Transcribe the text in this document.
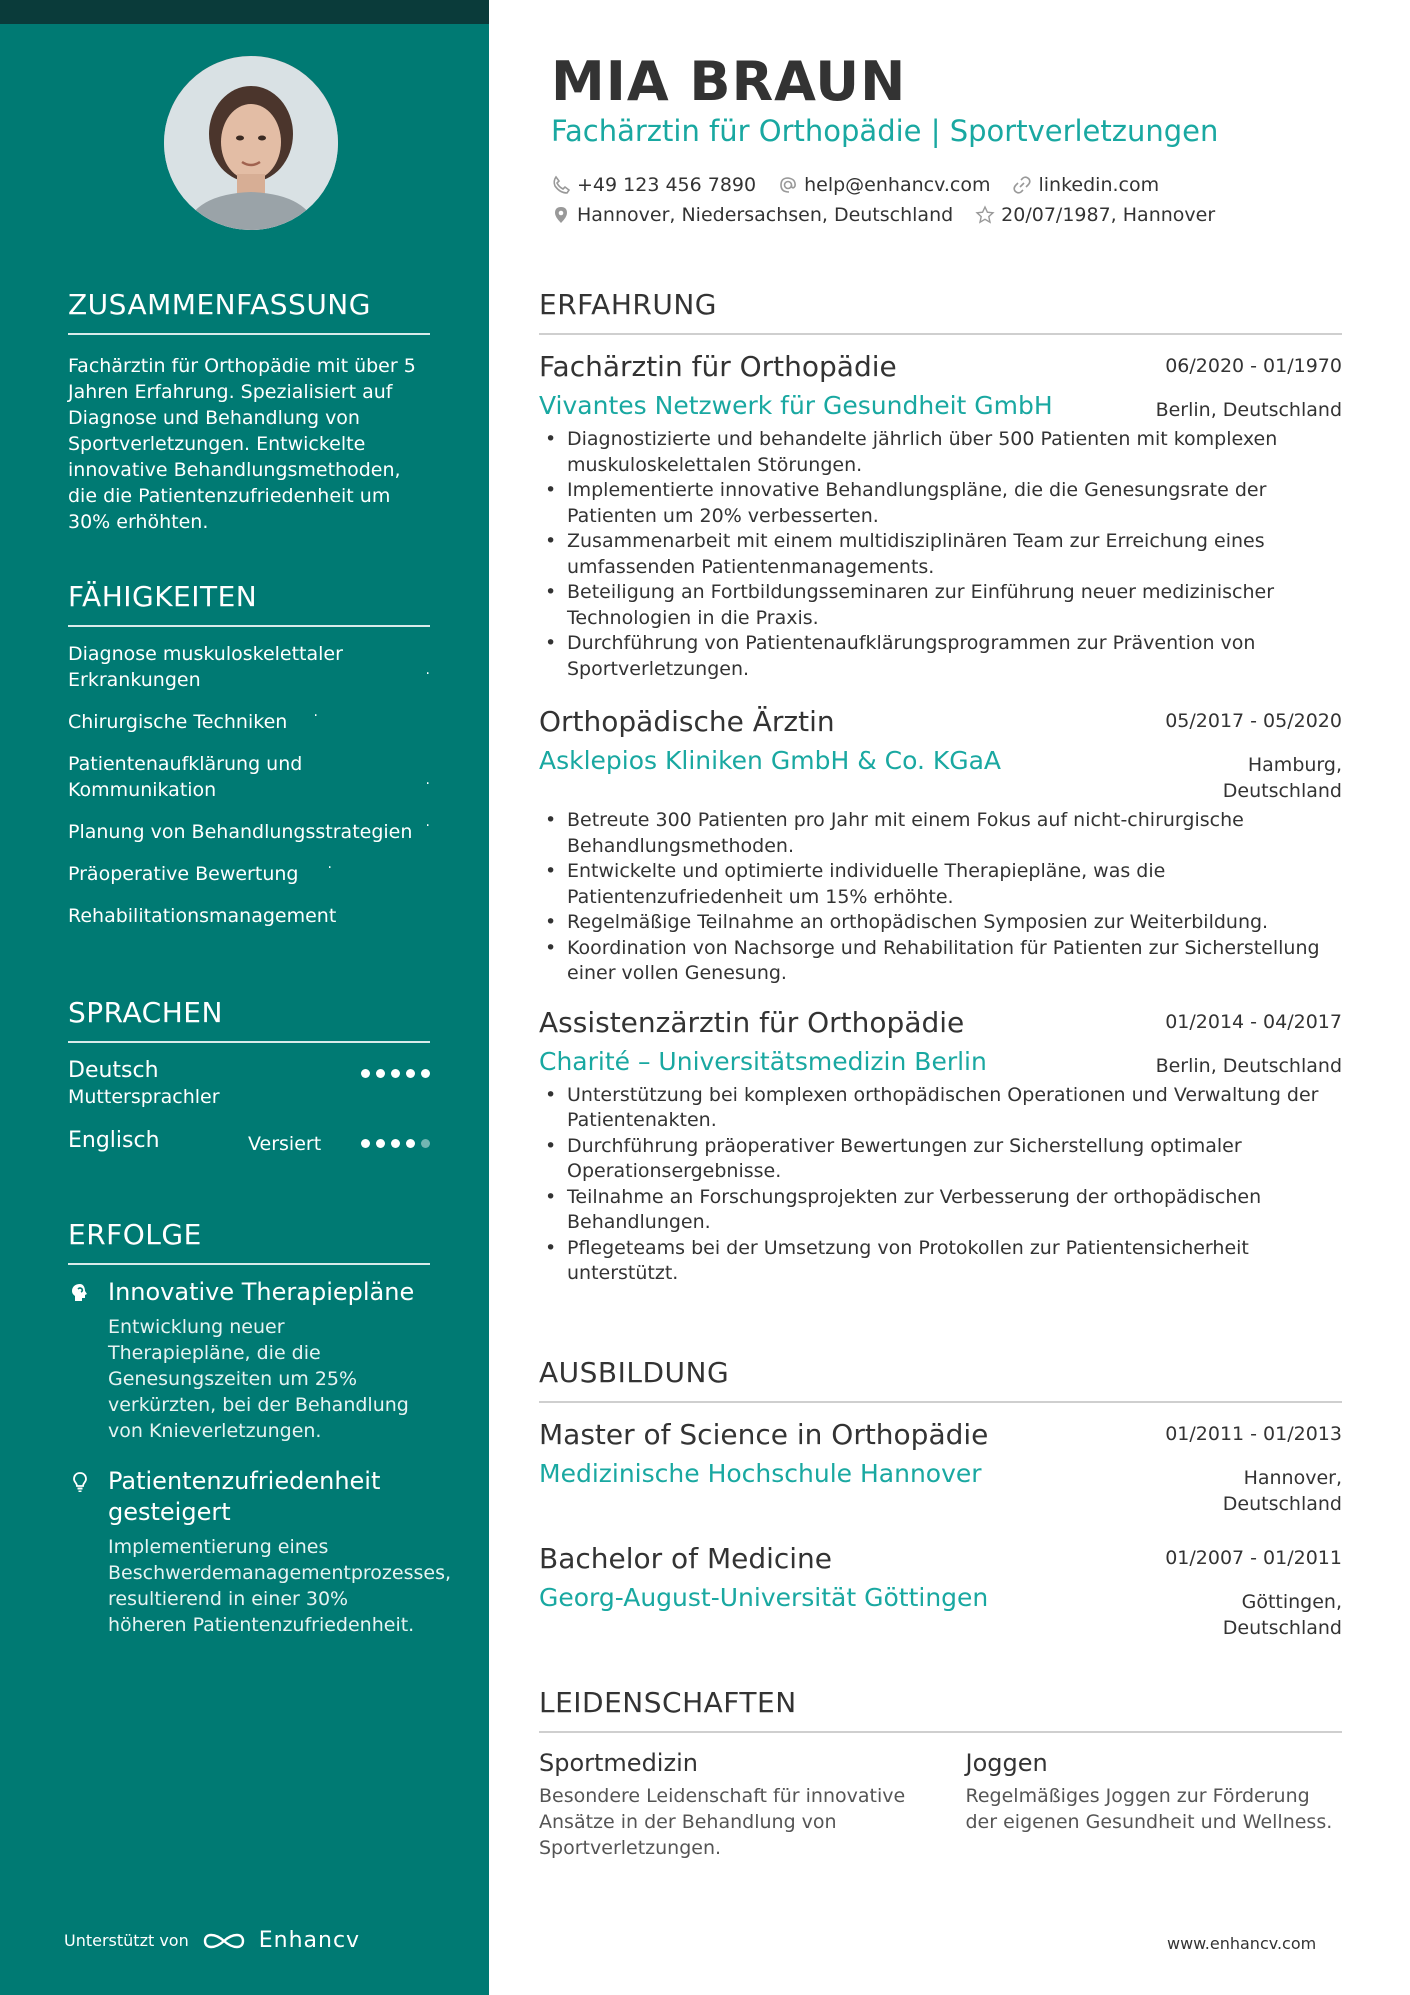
ZUSAMMENFASSUNG
Fachärztin für Orthopädie mit über 5 Jahren Erfahrung. Spezialisiert auf Diagnose und Behandlung von Sportverletzungen. Entwickelte innovative Behandlungsmethoden, die die Patientenzufriedenheit um 30% erhöhten.
FÄHIGKEITEN
Diagnose muskuloskelettaler Erkrankungen	·
Chirurgische Techniken ·
Patientenaufklärung und Kommunikation	·
Planung von Behandlungsstrategien ·
Präoperative Bewertung ·
Rehabilitationsmanagement
SPRACHEN
Deutsch
Muttersprachler
Englisch	Versiert
ERFOLGE
Innovative Therapiepläne
Entwicklung neuer Therapiepläne, die die Genesungszeiten um 25% verkürzten, bei der Behandlung von Knieverletzungen.
Patientenzufriedenheit gesteigert
Implementierung eines Beschwerdemanagementprozesses, resultierend in einer 30% höheren Patientenzufriedenheit.
Unterstützt von	Enhancv
MIA BRAUN
Fachärztin für Orthopädie | Sportverletzungen
+49 123 456 7890	help@enhancv.com	linkedin.com
Hannover, Niedersachsen, Deutschland	20/07/1987, Hannover
ERFAHRUNG
Fachärztin für Orthopädie	06/2020 - 01/1970
Vivantes Netzwerk für Gesundheit GmbH	Berlin, Deutschland
• Diagnostizierte und behandelte jährlich über 500 Patienten mit komplexen muskuloskelettalen Störungen.
• Implementierte innovative Behandlungspläne, die die Genesungsrate der Patienten um 20% verbesserten.
• Zusammenarbeit mit einem multidisziplinären Team zur Erreichung eines umfassenden Patientenmanagements.
• Beteiligung an Fortbildungsseminaren zur Einführung neuer medizinischer Technologien in die Praxis.
• Durchführung von Patientenaufklärungsprogrammen zur Prävention von Sportverletzungen.
Orthopädische Ärztin	05/2017 - 05/2020
Asklepios Kliniken GmbH & Co. KGaA	Hamburg, Deutschland
• Betreute 300 Patienten pro Jahr mit einem Fokus auf nicht-chirurgische Behandlungsmethoden.
• Entwickelte und optimierte individuelle Therapiepläne, was die Patientenzufriedenheit um 15% erhöhte.
• Regelmäßige Teilnahme an orthopädischen Symposien zur Weiterbildung.
• Koordination von Nachsorge und Rehabilitation für Patienten zur Sicherstellung einer vollen Genesung.
Assistenzärztin für Orthopädie	01/2014 - 04/2017
Charité – Universitätsmedizin Berlin	Berlin, Deutschland
• Unterstützung bei komplexen orthopädischen Operationen und Verwaltung der Patientenakten.
• Durchführung präoperativer Bewertungen zur Sicherstellung optimaler Operationsergebnisse.
• Teilnahme an Forschungsprojekten zur Verbesserung der orthopädischen Behandlungen.
• Pflegeteams bei der Umsetzung von Protokollen zur Patientensicherheit unterstützt.
AUSBILDUNG
Master of Science in Orthopädie	01/2011 - 01/2013
Medizinische Hochschule Hannover	Hannover, Deutschland
Bachelor of Medicine	01/2007 - 01/2011
Georg-August-Universität Göttingen	Göttingen, Deutschland
LEIDENSCHAFTEN
Sportmedizin
Besondere Leidenschaft für innovative Ansätze in der Behandlung von Sportverletzungen.
Joggen
Regelmäßiges Joggen zur Förderung der eigenen Gesundheit und Wellness.
www.enhancv.com
